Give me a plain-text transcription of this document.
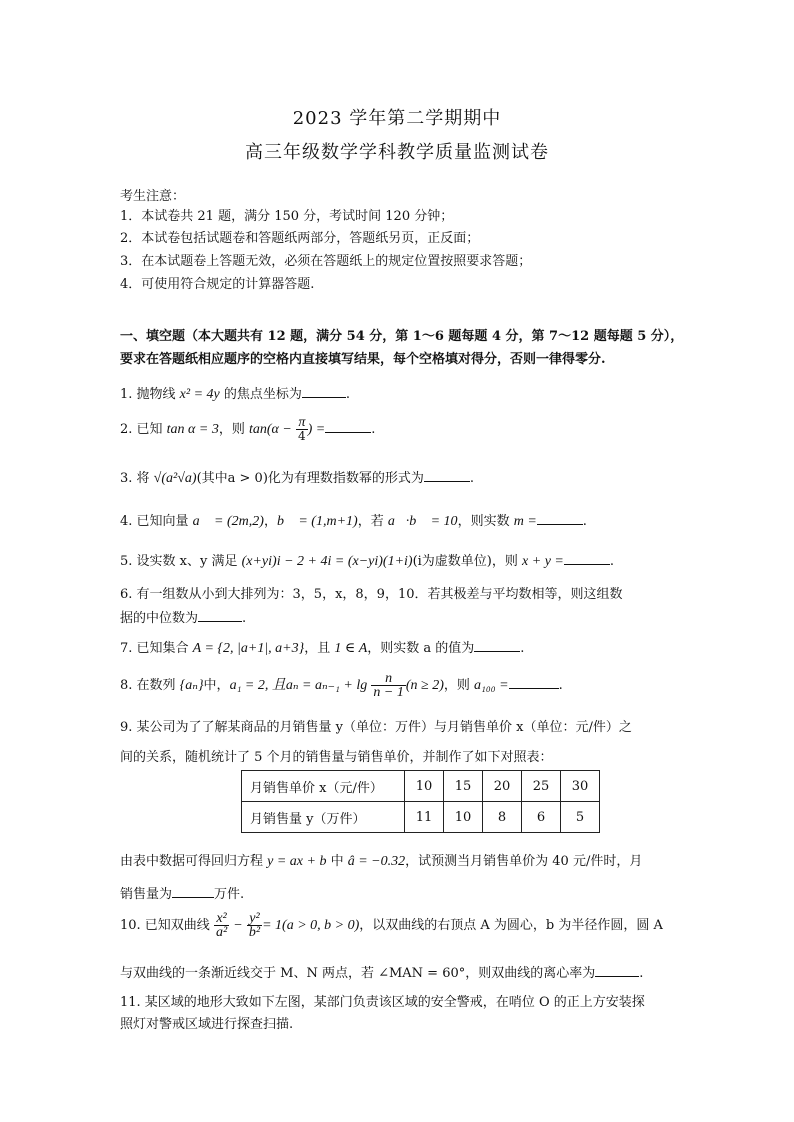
2023 学年第二学期期中
高三年级数学学科教学质量监测试卷
考生注意：
1．本试卷共 21 题，满分 150 分，考试时间 120 分钟；
2．本试卷包括试题卷和答题纸两部分，答题纸另页，正反面；
3．在本试题卷上答题无效，必须在答题纸上的规定位置按照要求答题；
4．可使用符合规定的计算器答题.
一、填空题（本大题共有 12 题，满分 54 分，第 1～6 题每题 4 分，第 7～12 题每题 5 分），
要求在答题纸相应题序的空格内直接填写结果，每个空格填对得分，否则一律得零分.
1. 抛物线 x² = 4y 的焦点坐标为	.
2. 已知 tan α = 3，则 $\tan(\alpha - \frac{\pi}{4}$ ) =	.
3. 将 √(a²√a)(其中a > 0)化为有理数指数幂的形式为	.
4. 已知向量 a⃗ = (2m,2)，b⃗ = (1,m+1)，若 a⃗·b⃗ = 10，则实数 m =	.
5. 设实数 x、y 满足 (x+yi)i − 2 + 4i = (x−yi)(1+i)(i为虚数单位)，则 x + y =	.
6. 有一组数从小到大排列为：3，5，x，8，9，10．若其极差与平均数相等，则这组数
据的中位数为	.
7. 已知集合 A = {2, |a+1|, a+3}，且 1 ∈ A，则实数 a 的值为	.
8. 在数列 {aₙ}中，a₁ = 2, 且$a_n = a_{n-1} + \lg \frac{n}{n - 1} (n \ge 2)$，则 a₁₀₀ =	.
9. 某公司为了了解某商品的月销售量 y（单位：万件）与月销售单价 x（单位：元/件）之
间的关系，随机统计了 5 个月的销售量与销售单价，并制作了如下对照表：
月销售单价 x（元/件）	10	15	20	25	30
月销售量 y（万件）	11	10	8	6	5
由表中数据可得回归方程 y = ax + b 中 â = −0.32，试预测当月销售单价为 40 元/件时，月
销售量为	万件.
10. 已知双曲线 $\frac{\text{x²}}{\text{a²}} - \frac{\text{y²}}{\text{b²}} = 1(a > 0$, b > 0)，以双曲线的右顶点 A 为圆心，b 为半径作圆，圆 A
与双曲线的一条渐近线交于 M、N 两点，若 ∠MAN = 60°，则双曲线的离心率为	.
11. 某区域的地形大致如下左图，某部门负责该区域的安全警戒，在哨位 O 的正上方安装探
照灯对警戒区域进行探查扫描.
